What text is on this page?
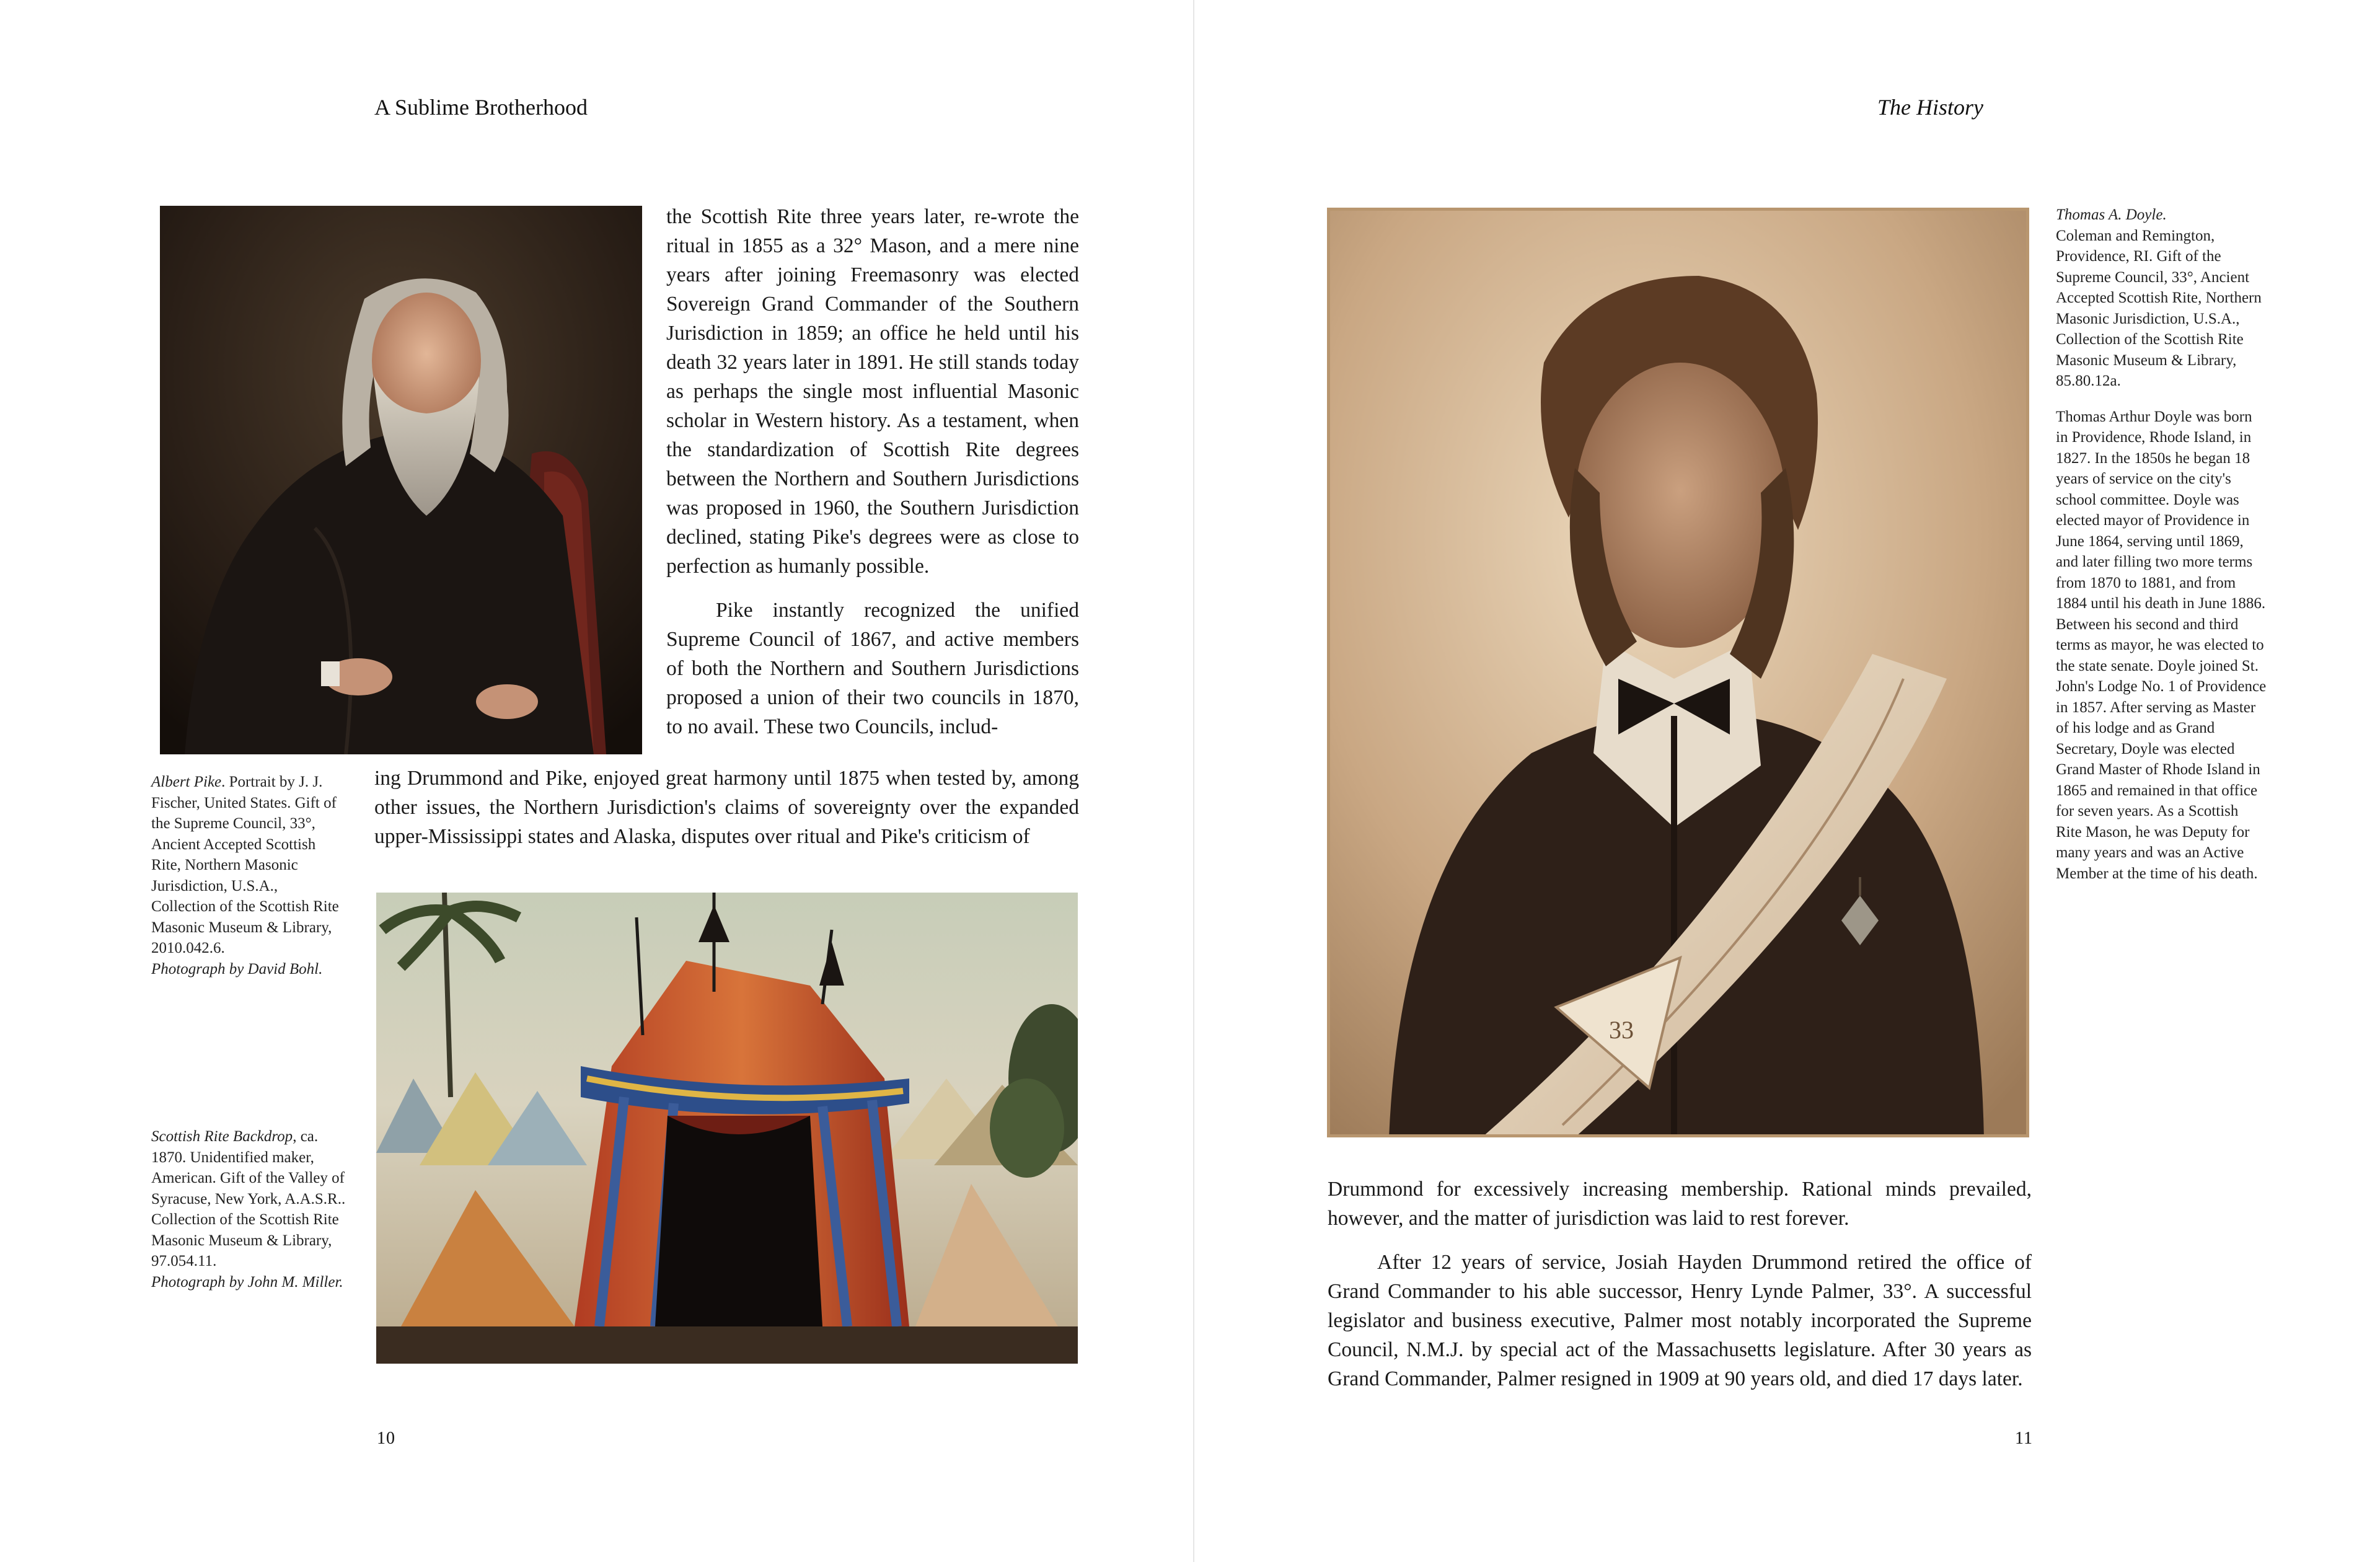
A Sublime Brotherhood

the Scottish Rite three years later, re-wrote the ritual in 1855 as a 32° Mason, and a mere nine years after joining Freemasonry was elected Sovereign Grand Commander of the Southern Jurisdiction in 1859; an office he held until his death 32 years later in 1891. He still stands today as perhaps the single most influential Masonic scholar in Western history. As a testament, when the standardization of Scottish Rite degrees between the Northern and Southern Jurisdictions was proposed in 1960, the Southern Jurisdiction declined, stating Pike's degrees were as close to perfection as humanly possible.

Pike instantly recognized the unified Supreme Council of 1867, and active members of both the Northern and Southern Jurisdictions proposed a union of their two councils in 1870, to no avail. These two Councils, includ-

ing Drummond and Pike, enjoyed great harmony until 1875 when tested by, among other issues, the Northern Jurisdiction's claims of sovereignty over the expanded upper-Mississippi states and Alaska, disputes over ritual and Pike's criticism of

Albert Pike. Portrait by J. J. Fischer, United States. Gift of the Supreme Council, 33°, Ancient Accepted Scottish Rite, Northern Masonic Jurisdiction, U.S.A., Collection of the Scottish Rite Masonic Museum & Library, 2010.042.6.
Photograph by David Bohl.
Scottish Rite Backdrop, ca. 1870. Unidentified maker, American. Gift of the Valley of Syracuse, New York, A.A.S.R.. Collection of the Scottish Rite Masonic Museum & Library, 97.054.11.
Photograph by John M. Miller.
10
The History
33

Thomas A. Doyle.
Coleman and Remington, Providence, RI. Gift of the Supreme Council, 33°, Ancient Accepted Scottish Rite, Northern Masonic Jurisdiction, U.S.A., Collection of the Scottish Rite Masonic Museum & Library, 85.80.12a.

Thomas Arthur Doyle was born in Providence, Rhode Island, in 1827. In the 1850s he began 18 years of service on the city's school committee. Doyle was elected mayor of Providence in June 1864, serving until 1869, and later filling two more terms from 1870 to 1881, and from 1884 until his death in June 1886. Between his second and third terms as mayor, he was elected to the state senate. Doyle joined St. John's Lodge No. 1 of Providence in 1857. After serving as Master of his lodge and as Grand Secretary, Doyle was elected Grand Master of Rhode Island in 1865 and remained in that office for seven years. As a Scottish Rite Mason, he was Deputy for many years and was an Active Member at the time of his death.

Drummond for excessively increasing membership. Rational minds prevailed, however, and the matter of jurisdiction was laid to rest forever.

After 12 years of service, Josiah Hayden Drummond retired the office of Grand Commander to his able successor, Henry Lynde Palmer, 33°. A successful legislator and business executive, Palmer most notably incorporated the Supreme Council, N.M.J. by special act of the Massachusetts legislature. After 30 years as Grand Commander, Palmer resigned in 1909 at 90 years old, and died 17 days later.

11
